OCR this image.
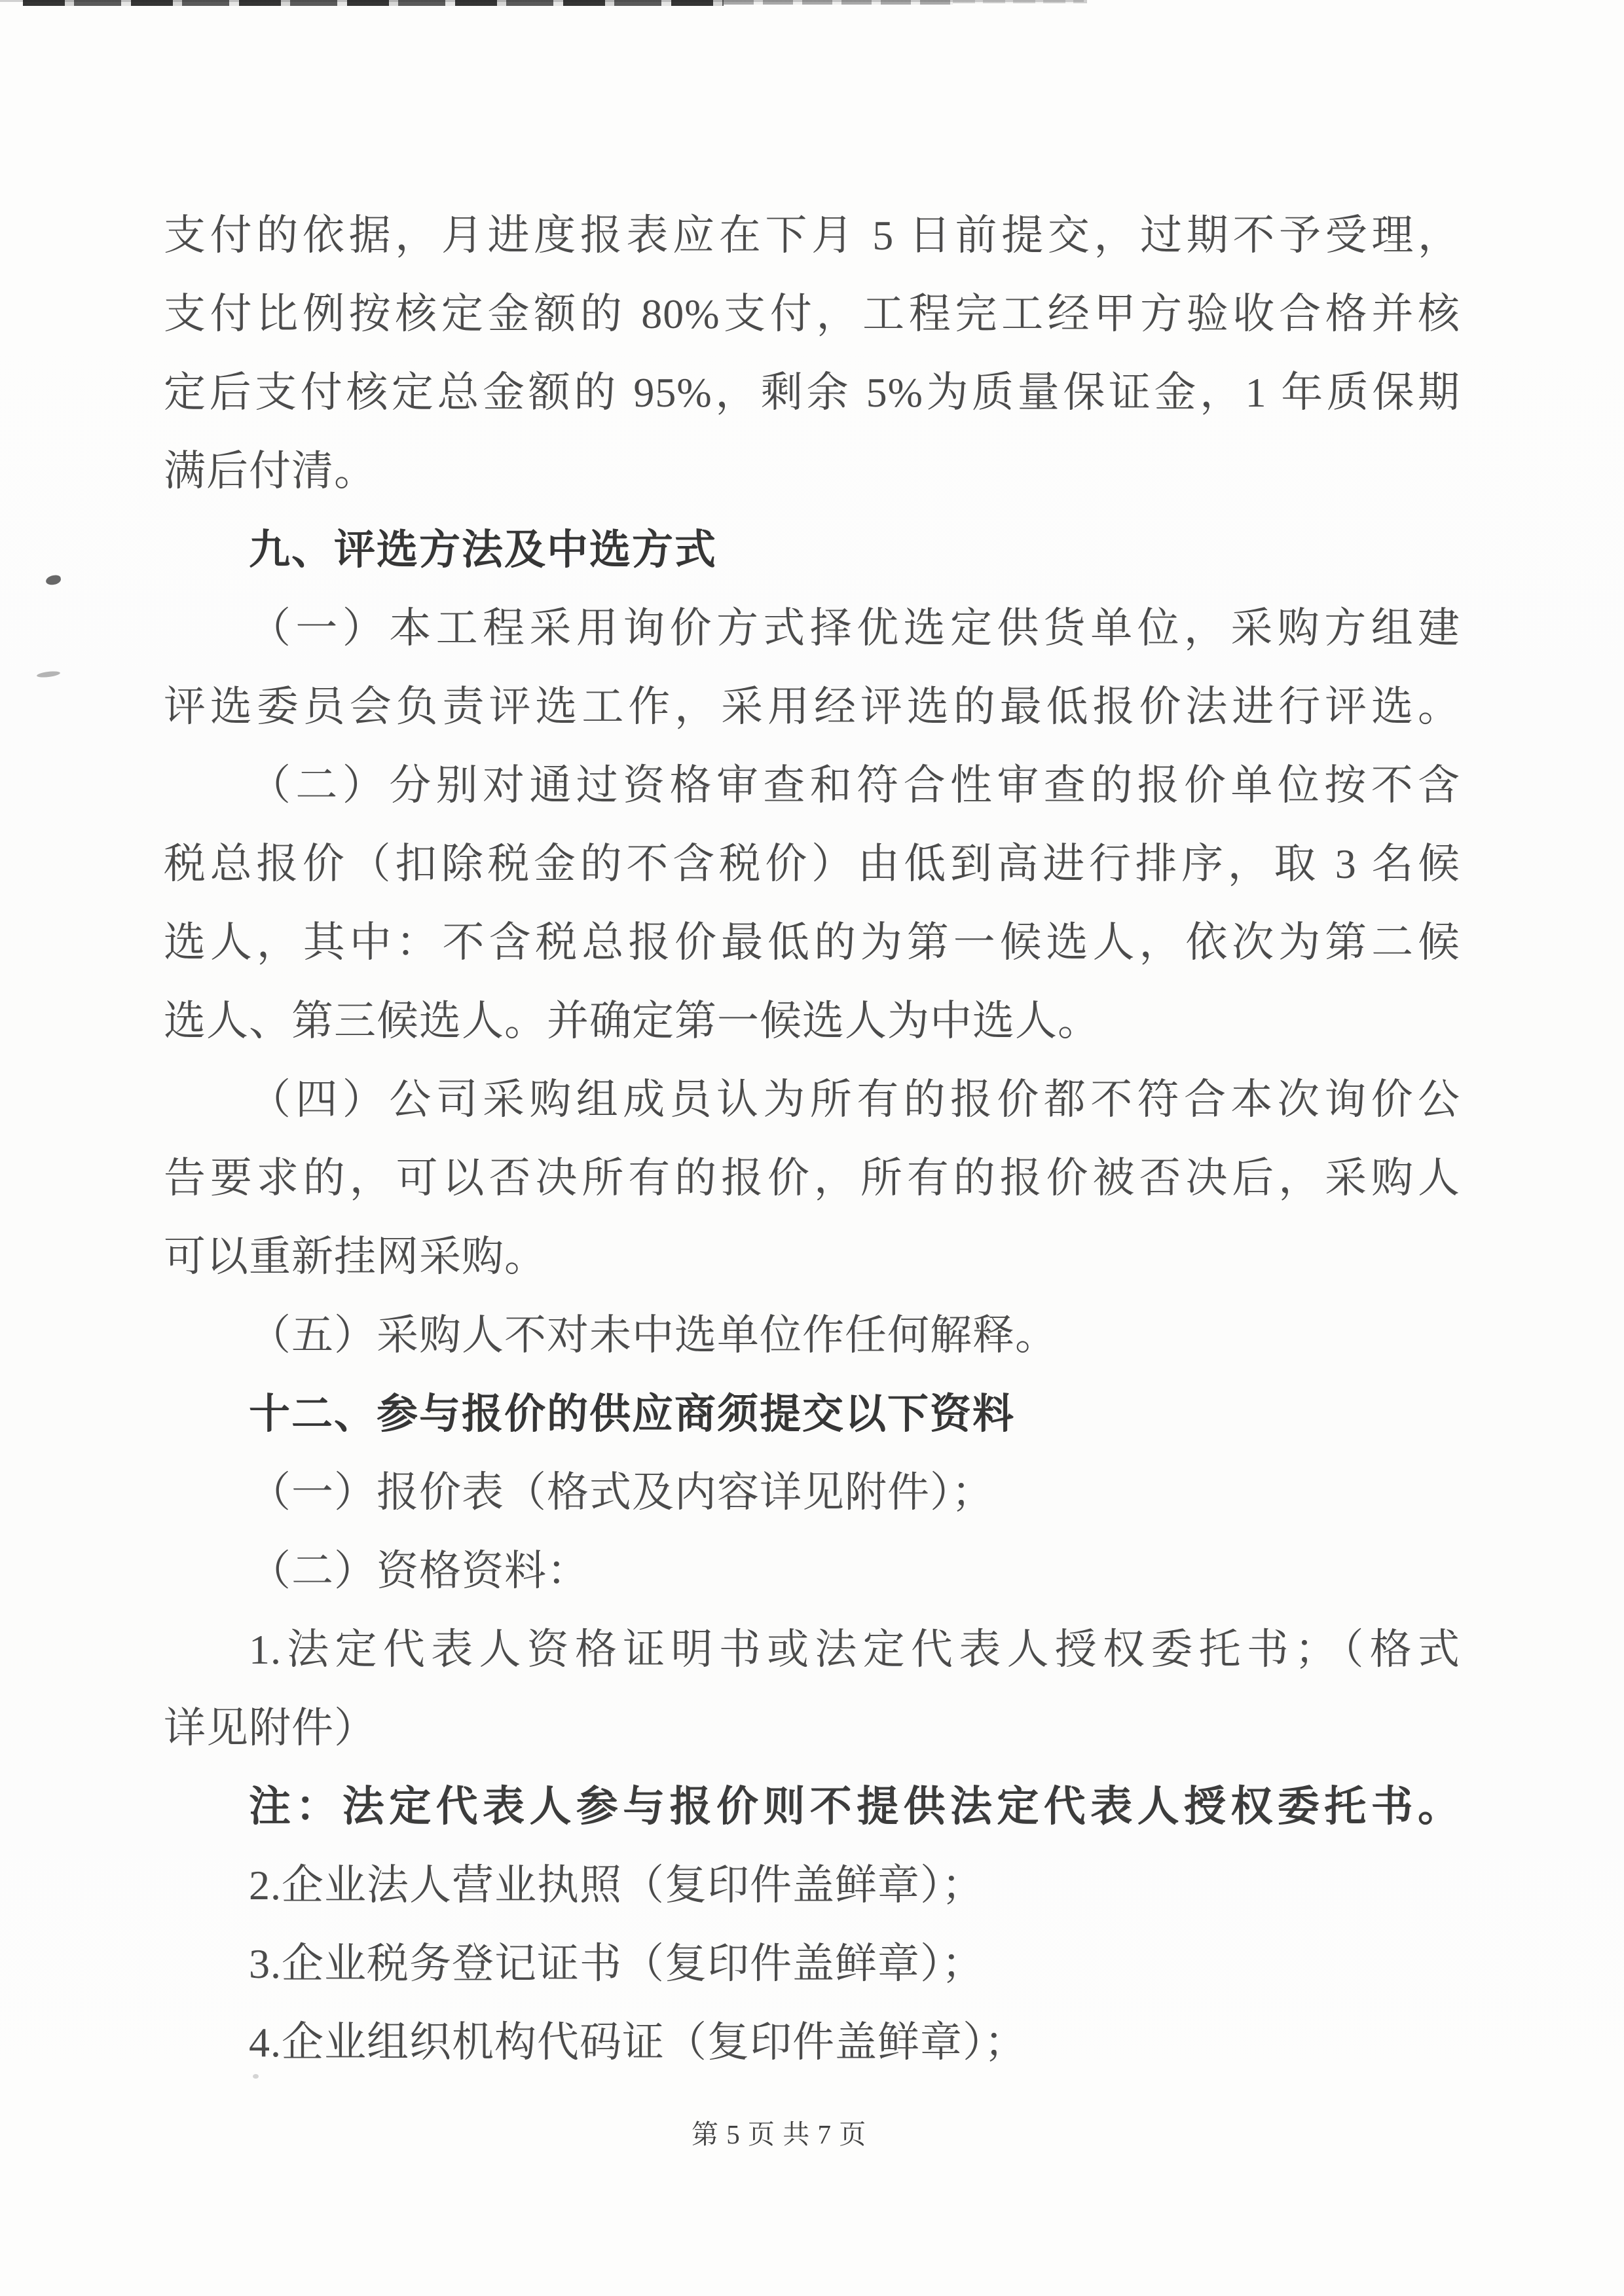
支付的依据，月进度报表应在下月 5 日前提交，过期不予受理，
支付比例按核定金额的 80%支付，工程完工经甲方验收合格并核
定后支付核定总金额的 95%，剩余 5%为质量保证金，1 年质保期
满后付清。
九、评选方法及中选方式
（一）本工程采用询价方式择优选定供货单位，采购方组建
评选委员会负责评选工作，采用经评选的最低报价法进行评选。
（二）分别对通过资格审查和符合性审查的报价单位按不含
税总报价（扣除税金的不含税价）由低到高进行排序，取 3 名候
选人，其中：不含税总报价最低的为第一候选人，依次为第二候
选人、第三候选人。并确定第一候选人为中选人。
（四）公司采购组成员认为所有的报价都不符合本次询价公
告要求的，可以否决所有的报价，所有的报价被否决后，采购人
可以重新挂网采购。
（五）采购人不对未中选单位作任何解释。
十二、参与报价的供应商须提交以下资料
（一）报价表（格式及内容详见附件）；
（二）资格资料：
1.法定代表人资格证明书或法定代表人授权委托书；（格式
详见附件）
注：法定代表人参与报价则不提供法定代表人授权委托书。
2.企业法人营业执照（复印件盖鲜章）；
3.企业税务登记证书（复印件盖鲜章）；
4.企业组织机构代码证（复印件盖鲜章）；
第 5 页 共 7 页
